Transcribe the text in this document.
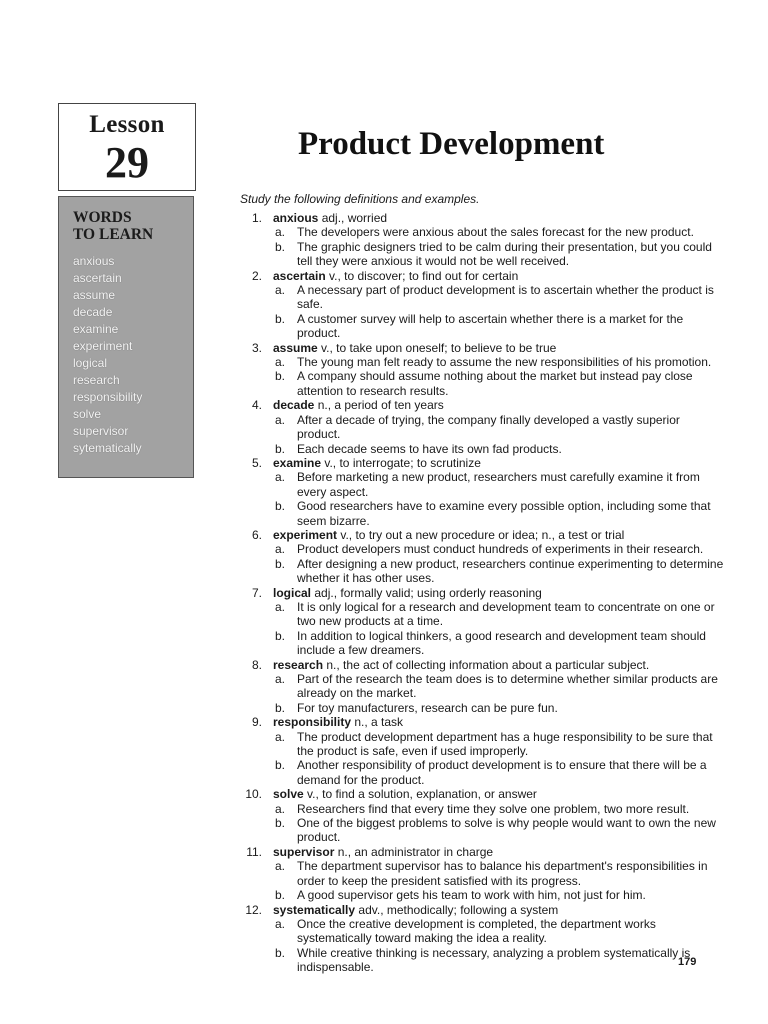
Lesson
29	Product Development
WORDS
TO LEARN
anxious
ascertain
assume
decade
examine
experiment
logical
research
responsibility
solve
supervisor
sytematically
Study the following definitions and examples.
1. anxious adj., worried
a. The developers were anxious about the sales forecast for the new product.
b. The graphic designers tried to be calm during their presentation, but you could tell they were anxious it would not be well received.
2. ascertain v., to discover; to find out for certain
a. A necessary part of product development is to ascertain whether the product is safe.
b. A customer survey will help to ascertain whether there is a market for the product.
3. assume v., to take upon oneself; to believe to be true
a. The young man felt ready to assume the new responsibilities of his promotion.
b. A company should assume nothing about the market but instead pay close attention to research results.
4. decade n., a period of ten years
a. After a decade of trying, the company finally developed a vastly superior product.
b. Each decade seems to have its own fad products.
5. examine v., to interrogate; to scrutinize
a. Before marketing a new product, researchers must carefully examine it from every aspect.
b. Good researchers have to examine every possible option, including some that seem bizarre.
6. experiment v., to try out a new procedure or idea; n., a test or trial
a. Product developers must conduct hundreds of experiments in their research.
b. After designing a new product, researchers continue experimenting to determine whether it has other uses.
7. logical adj., formally valid; using orderly reasoning
a. It is only logical for a research and development team to concentrate on one or two new products at a time.
b. In addition to logical thinkers, a good research and development team should include a few dreamers.
8. research n., the act of collecting information about a particular subject.
a. Part of the research the team does is to determine whether similar products are already on the market.
b. For toy manufacturers, research can be pure fun.
9. responsibility n., a task
a. The product development department has a huge responsibility to be sure that the product is safe, even if used improperly.
b. Another responsibility of product development is to ensure that there will be a demand for the product.
10. solve v., to find a solution, explanation, or answer
a. Researchers find that every time they solve one problem, two more result.
b. One of the biggest problems to solve is why people would want to own the new product.
11. supervisor n., an administrator in charge
a. The department supervisor has to balance his department's responsibilities in order to keep the president satisfied with its progress.
b. A good supervisor gets his team to work with him, not just for him.
12. systematically adv., methodically; following a system
a. Once the creative development is completed, the department works systematically toward making the idea a reality.
b. While creative thinking is necessary, analyzing a problem systematically is indispensable.	179
